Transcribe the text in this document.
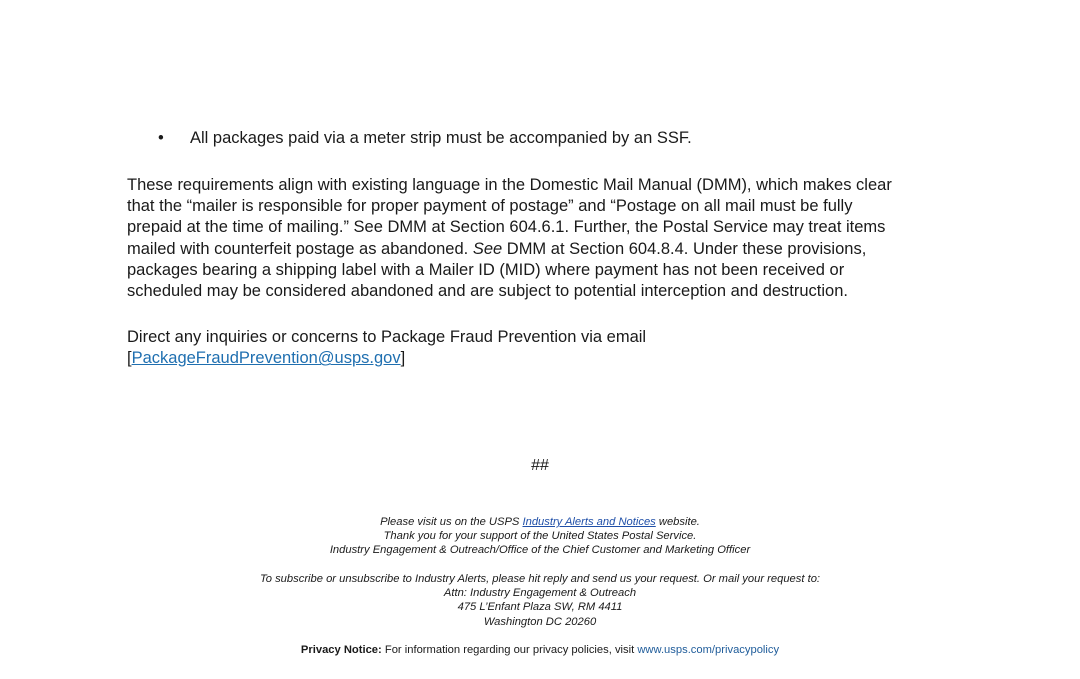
• All packages paid via a meter strip must be accompanied by an SSF.
These requirements align with existing language in the Domestic Mail Manual (DMM), which makes clear
that the “mailer is responsible for proper payment of postage” and “Postage on all mail must be fully
prepaid at the time of mailing.” See DMM at Section 604.6.1. Further, the Postal Service may treat items
mailed with counterfeit postage as abandoned. See DMM at Section 604.8.4. Under these provisions,
packages bearing a shipping label with a Mailer ID (MID) where payment has not been received or
scheduled may be considered abandoned and are subject to potential interception and destruction.
Direct any inquiries or concerns to Package Fraud Prevention via email
[PackageFraudPrevention@usps.gov]
##
Please visit us on the USPS Industry Alerts and Notices website.
Thank you for your support of the United States Postal Service.
Industry Engagement & Outreach/Office of the Chief Customer and Marketing Officer
To subscribe or unsubscribe to Industry Alerts, please hit reply and send us your request. Or mail your request to:
Attn: Industry Engagement & Outreach
475 L’Enfant Plaza SW, RM 4411
Washington DC 20260
Privacy Notice: For information regarding our privacy policies, visit www.usps.com/privacypolicy
